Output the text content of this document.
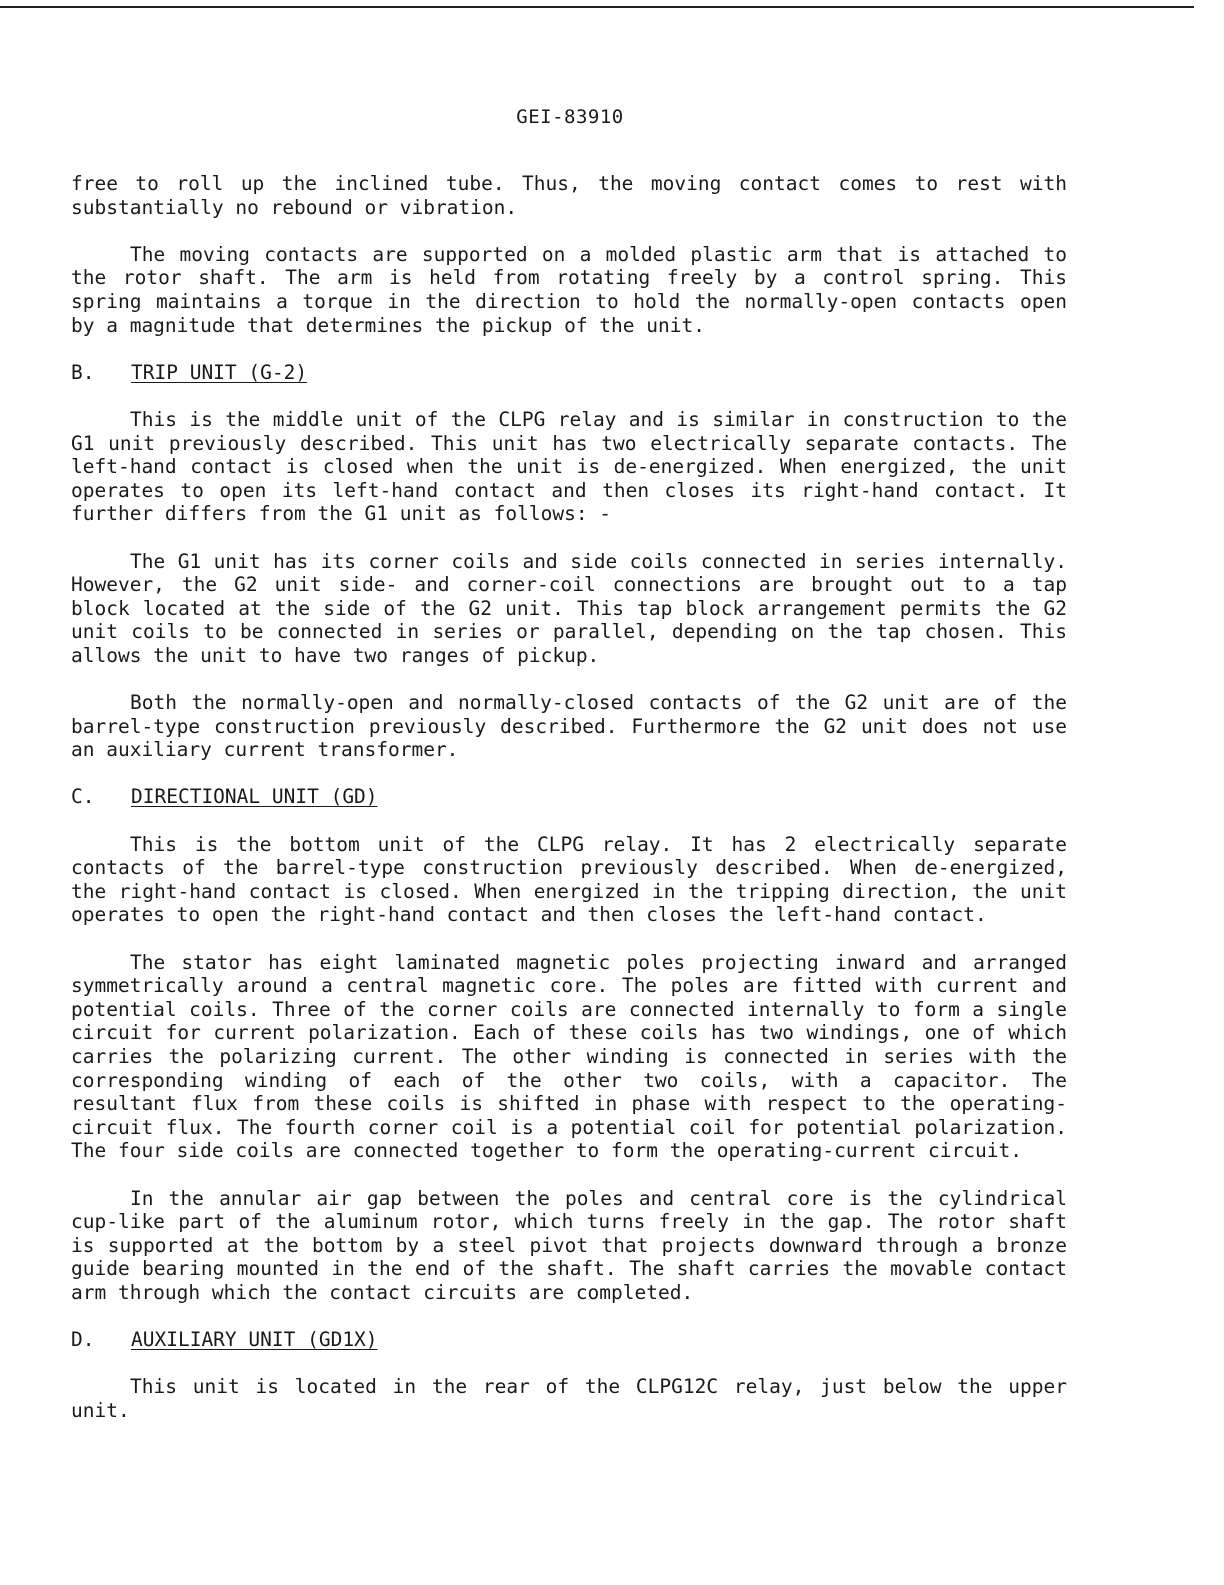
GEI-83910

free to roll up the inclined tube. Thus, the moving contact comes to rest with substantially no rebound or vibration.

The moving contacts are supported on a molded plastic arm that is attached to the rotor shaft. The arm is held from rotating freely by a control spring. This spring maintains a torque in the direction to hold the normally-open contacts open by a magnitude that determines the pickup of the unit.

B.	TRIP UNIT (G-2)

This is the middle unit of the CLPG relay and is similar in construction to the G1 unit previously described. This unit has two electrically separate contacts. The left-hand contact is closed when the unit is de-energized. When energized, the unit operates to open its left-hand contact and then closes its right-hand contact. It further differs from the G1 unit as follows: -

The G1 unit has its corner coils and side coils connected in series internally. However, the G2 unit side- and corner-coil connections are brought out to a tap block located at the side of the G2 unit. This tap block arrangement permits the G2 unit coils to be connected in series or parallel, depending on the tap chosen. This allows the unit to have two ranges of pickup.

Both the normally-open and normally-closed contacts of the G2 unit are of the barrel-type construction previously described. Furthermore the G2 unit does not use an auxiliary current transformer.

C.	DIRECTIONAL UNIT (GD)

This is the bottom unit of the CLPG relay. It has 2 electrically separate contacts of the barrel-type construction previously described. When de-energized, the right-hand contact is closed. When energized in the tripping direction, the unit operates to open the right-hand contact and then closes the left-hand contact.

The stator has eight laminated magnetic poles projecting inward and arranged symmetrically around a central magnetic core. The poles are fitted with current and potential coils. Three of the corner coils are connected internally to form a single circuit for current polarization. Each of these coils has two windings, one of which carries the polarizing current. The other winding is connected in series with the corresponding winding of each of the other two coils, with a capacitor. The resultant flux from these coils is shifted in phase with respect to the operating-circuit flux. The fourth corner coil is a potential coil for potential polarization. The four side coils are connected together to form the operating-current circuit.

In the annular air gap between the poles and central core is the cylindrical cup-like part of the aluminum rotor, which turns freely in the gap. The rotor shaft is supported at the bottom by a steel pivot that projects downward through a bronze guide bearing mounted in the end of the shaft. The shaft carries the movable contact arm through which the contact circuits are completed.

D.	AUXILIARY UNIT (GD1X)

This unit is located in the rear of the CLPG12C relay, just below the upper unit.
